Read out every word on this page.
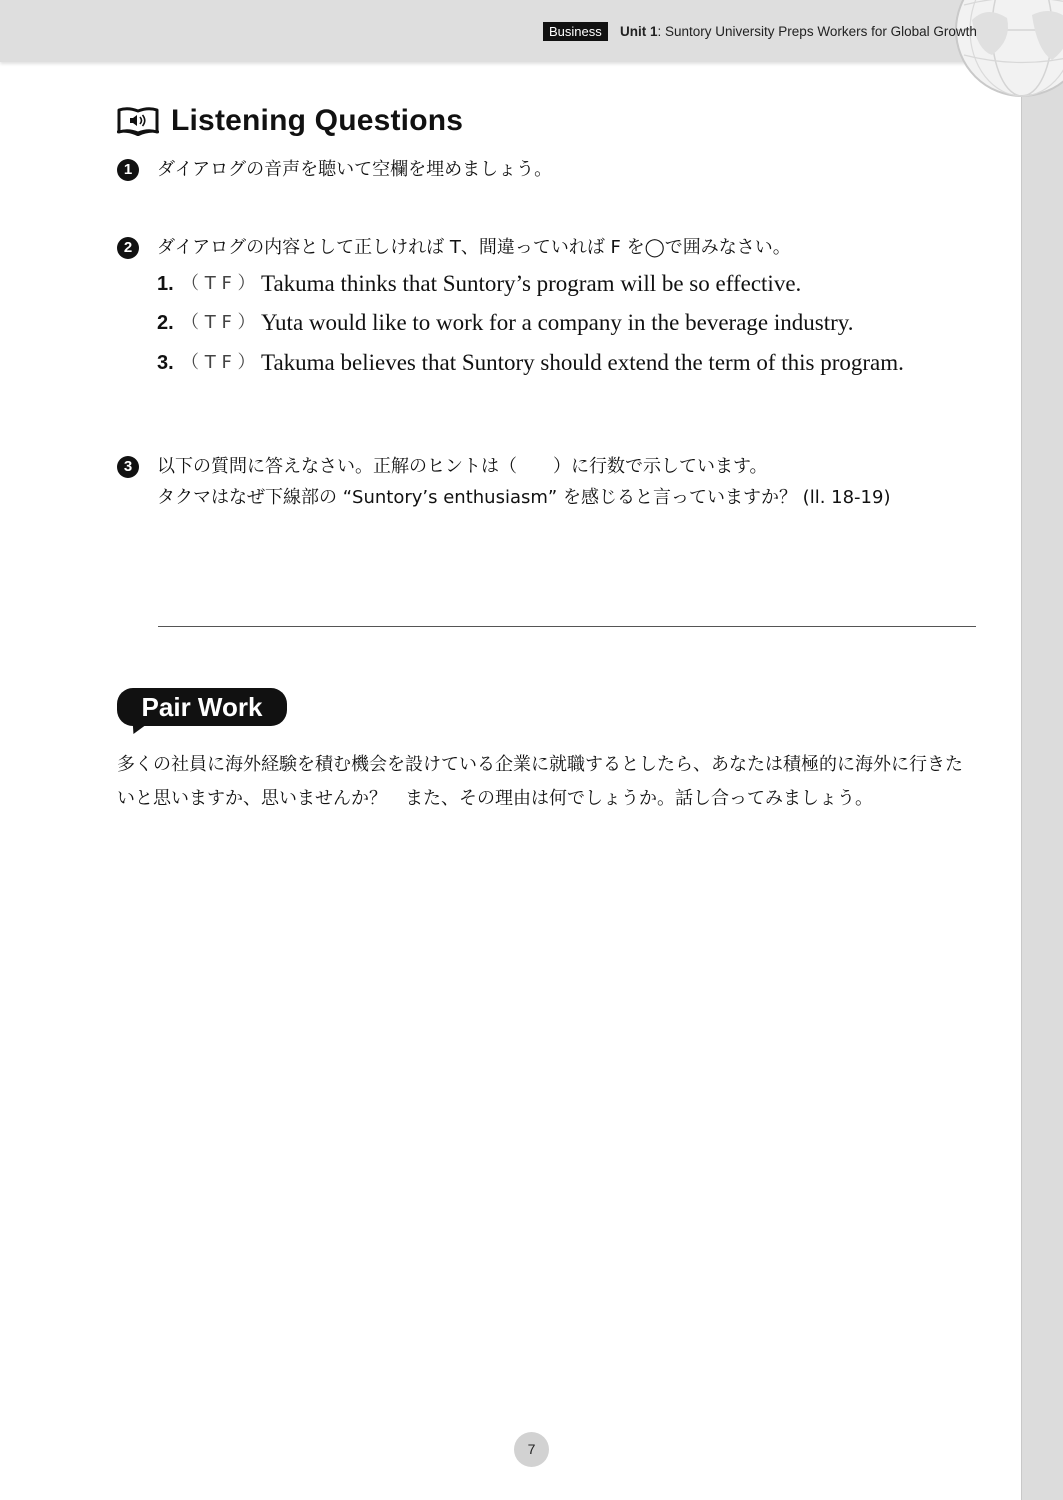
Business	Unit 1: Suntory University Preps Workers for Global Growth
Listening Questions
1	ダイアログの音声を聴いて空欄を埋めましょう。
2	ダイアログの内容として正しければ T、間違っていれば F を◯で囲みなさい。
1. （ T F ） Takuma thinks that Suntory’s program will be so effective.
2. （ T F ） Yuta would like to work for a company in the beverage industry.
3. （ T F ） Takuma believes that Suntory should extend the term of this program.
3	以下の質問に答えなさい。正解のヒントは（　　）に行数で示しています。
タクマはなぜ下線部の “Suntory’s enthusiasm” を感じると言っていますか？ (ll. 18-19)
Pair Work
多くの社員に海外経験を積む機会を設けている企業に就職するとしたら、あなたは積極的に海外に行きたいと思いますか、思いませんか？　また、その理由は何でしょうか。話し合ってみましょう。
7
